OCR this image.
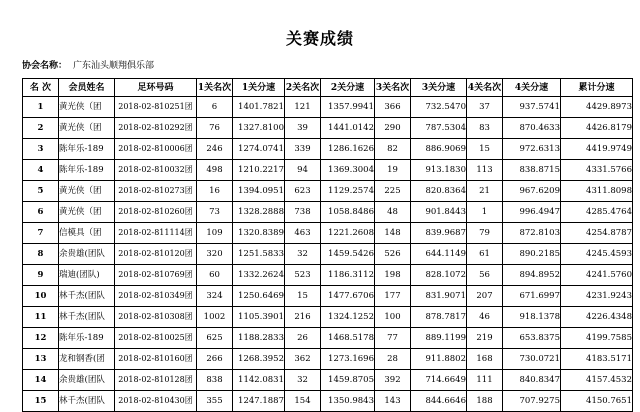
关赛成绩
协会名称： 广东汕头顺翔俱乐部
名 次	会员姓名	足环号码	1关名次	1关分速	2关名次	2关分速	3关名次	3关分速	4关名次	4关分速	累计分速
1	黄光侠（团	2018-02-810251团	6	1401.7821	121	1357.9941	366	732.5470	37	937.5741	4429.8973
2	黄光侠（团	2018-02-810292团	76	1327.8100	39	1441.0142	290	787.5304	83	870.4633	4426.8179
3	陈年乐-189	2018-02-810006团	246	1274.0741	339	1286.1626	82	886.9069	15	972.6313	4419.9749
4	陈年乐-189	2018-02-810032团	498	1210.2217	94	1369.3004	19	913.1830	113	838.8715	4331.5766
5	黄光侠（团	2018-02-810273团	16	1394.0951	623	1129.2574	225	820.8364	21	967.6209	4311.8098
6	黄光侠（团	2018-02-810260团	73	1328.2888	738	1058.8486	48	901.8443	1	996.4947	4285.4764
7	信模具（团	2018-02-811114团	109	1320.8389	463	1221.2608	148	839.9687	79	872.8103	4254.8787
8	余贵雄(团队	2018-02-810120团	320	1251.5833	32	1459.5426	526	644.1149	61	890.2185	4245.4593
9	瑞迪(团队)	2018-02-810769团	60	1332.2624	523	1186.3112	198	828.1072	56	894.8952	4241.5760
10	林千杰(团队	2018-02-810349团	324	1250.6469	15	1477.6706	177	831.9071	207	671.6997	4231.9243
11	林千杰(团队	2018-02-810308团	1002	1105.3901	216	1324.1252	100	878.7817	46	918.1378	4226.4348
12	陈年乐-189	2018-02-810025团	625	1188.2833	26	1468.5178	77	889.1199	219	653.8375	4199.7585
13	龙和钢香(团	2018-02-810160团	266	1268.3952	362	1273.1696	28	911.8802	168	730.0721	4183.5171
14	余贵雄(团队	2018-02-810128团	838	1142.0831	32	1459.8705	392	714.6649	111	840.8347	4157.4532
15	林千杰(团队	2018-02-810430团	355	1247.1887	154	1350.9843	143	844.6646	188	707.9275	4150.7651
